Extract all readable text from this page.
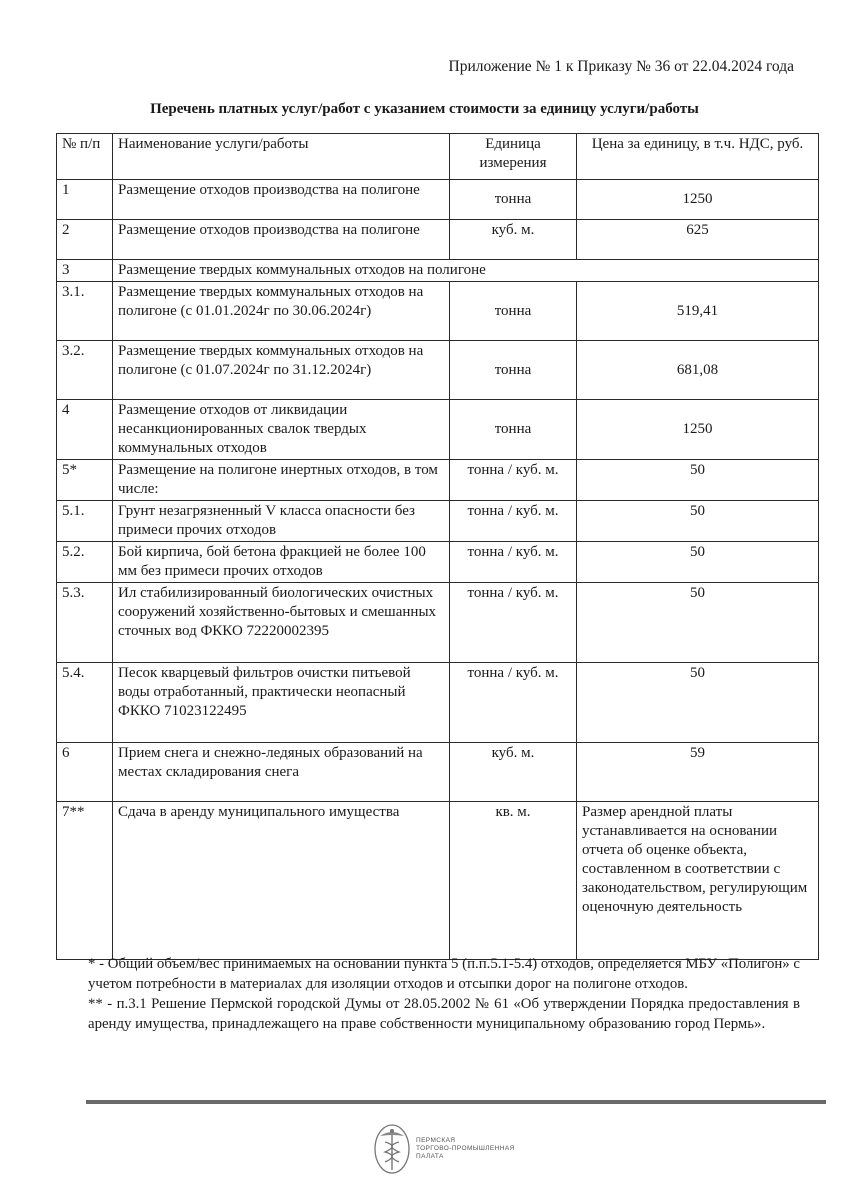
Приложение № 1 к Приказу № 36 от 22.04.2024 года
Перечень платных услуг/работ с указанием стоимости за единицу услуги/работы
№ п/п	Наименование услуги/работы	Единица измерения	Цена за единицу, в т.ч. НДС, руб.
1	Размещение отходов производства на полигоне	тонна	1250
2	Размещение отходов производства на полигоне	куб. м.	625
3	Размещение твердых коммунальных отходов на полигоне		
3.1.	Размещение твердых коммунальных отходов на полигоне (с 01.01.2024г по 30.06.2024г)	тонна	519,41
3.2.	Размещение твердых коммунальных отходов на полигоне (с 01.07.2024г по 31.12.2024г)	тонна	681,08
4	Размещение отходов от ликвидации несанкционированных свалок твердых коммунальных отходов	тонна	1250
5*	Размещение на полигоне инертных отходов, в том числе:	тонна / куб. м.	50
5.1.	Грунт незагрязненный V класса опасности без примеси прочих отходов	тонна / куб. м.	50
5.2.	Бой кирпича, бой бетона фракцией не более 100 мм без примеси прочих отходов	тонна / куб. м.	50
5.3.	Ил стабилизированный биологических очистных сооружений хозяйственно-бытовых и смешанных сточных вод ФККО 72220002395	тонна / куб. м.	50
5.4.	Песок кварцевый фильтров очистки питьевой воды отработанный, практически неопасный ФККО 71023122495	тонна / куб. м.	50
6	Прием снега и снежно-ледяных образований на местах складирования снега	куб. м.	59
7**	Сдача в аренду муниципального имущества	кв. м.	Размер арендной платы устанавливается на основании отчета об оценке объекта, составленном в соответствии с законодательством, регулирующим оценочную деятельность

* - Общий объем/вес принимаемых на основании пункта 5 (п.п.5.1-5.4) отходов, определяется МБУ «Полигон» с учетом потребности в материалах для изоляции отходов и отсыпки дорог на полигоне отходов.

** - п.3.1 Решение Пермской городской Думы от 28.05.2002 № 61 «Об утверждении Порядка предоставления в аренду имущества, принадлежащего на праве собственности муниципальному образованию город Пермь».

ПЕРМСКАЯ
ТОРГОВО-ПРОМЫШЛЕННАЯ
ПАЛАТА
